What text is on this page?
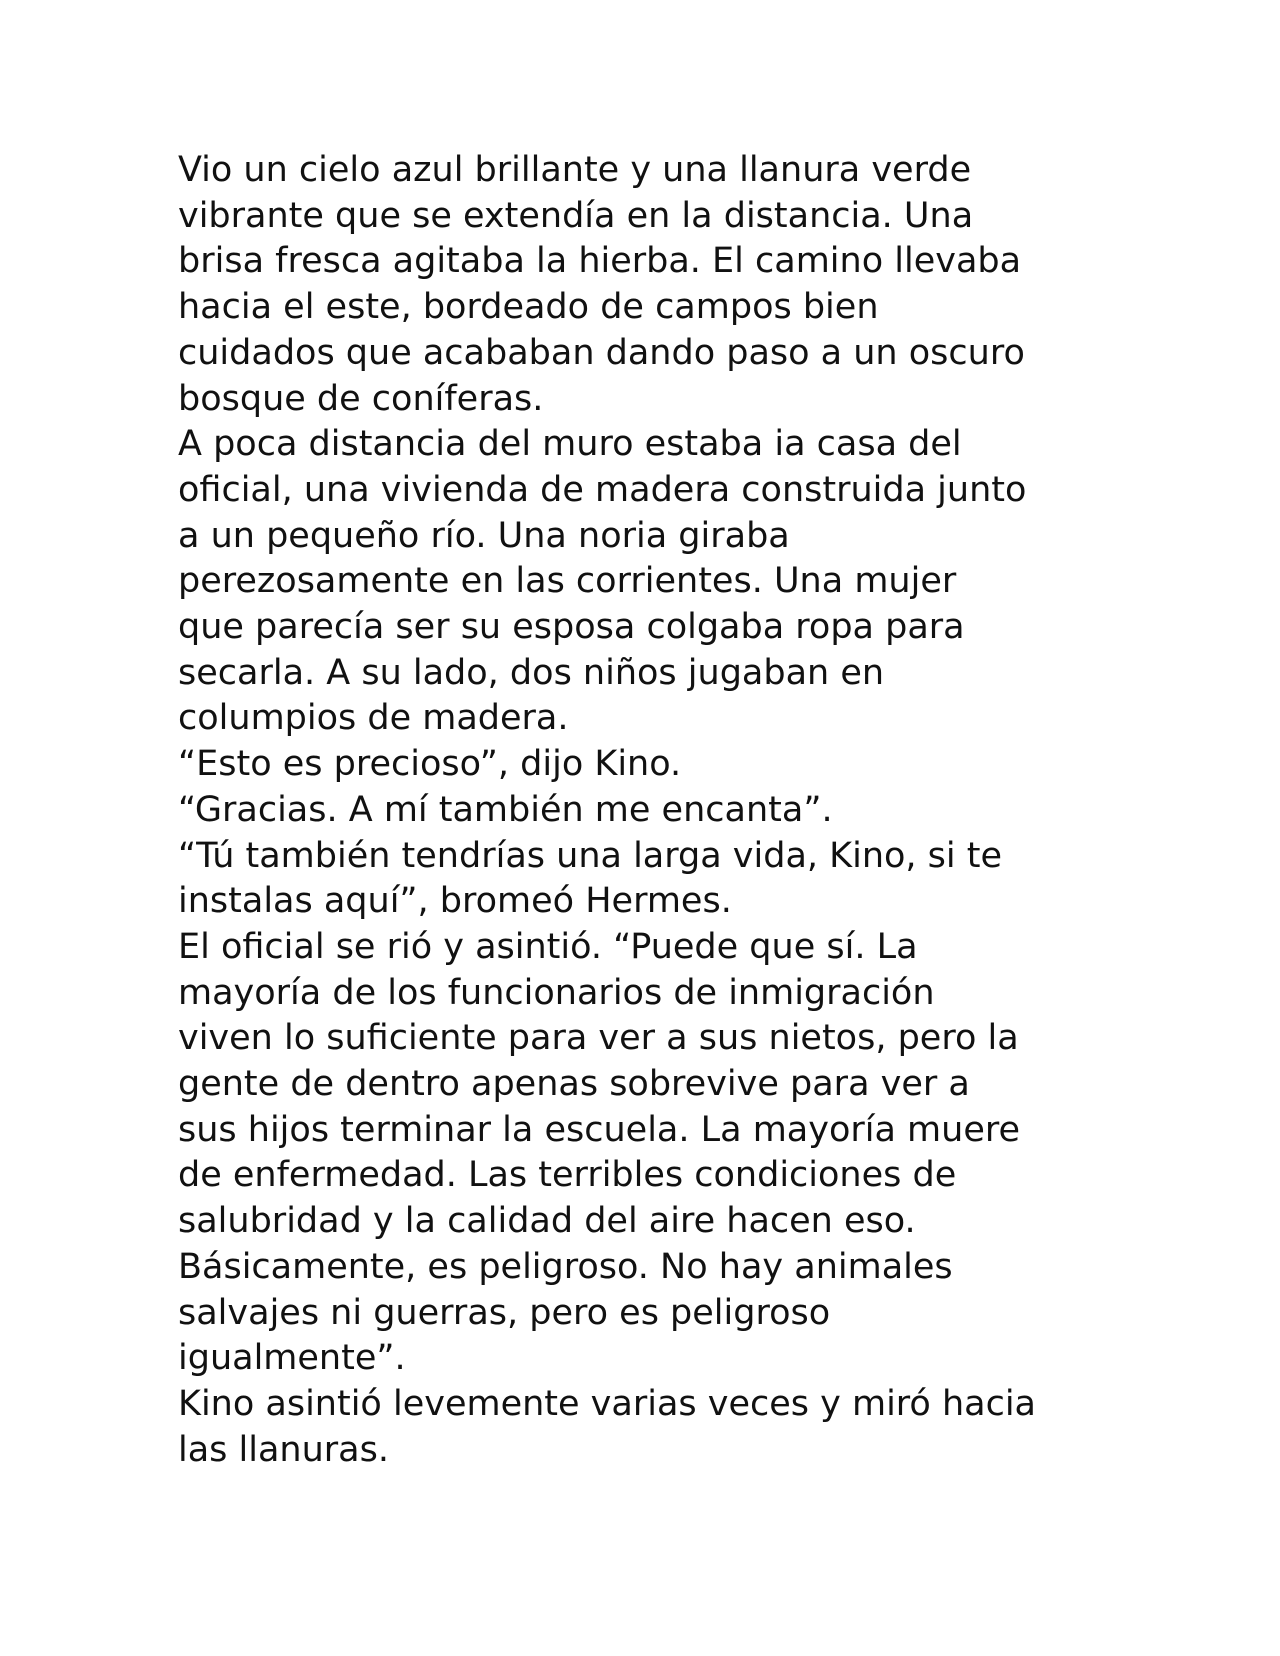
Vio un cielo azul brillante y una llanura verde
vibrante que se extendía en la distancia. Una
brisa fresca agitaba la hierba. El camino llevaba
hacia el este, bordeado de campos bien
cuidados que acababan dando paso a un oscuro
bosque de coníferas.
A poca distancia del muro estaba ia casa del
oficial, una vivienda de madera construida junto
a un pequeño río. Una noria giraba
perezosamente en las corrientes. Una mujer
que parecía ser su esposa colgaba ropa para
secarla. A su lado, dos niños jugaban en
columpios de madera.
“Esto es precioso”, dijo Kino.
“Gracias. A mí también me encanta”.
“Tú también tendrías una larga vida, Kino, si te
instalas aquí”, bromeó Hermes.
El oficial se rió y asintió. “Puede que sí. La
mayoría de los funcionarios de inmigración
viven lo suficiente para ver a sus nietos, pero la
gente de dentro apenas sobrevive para ver a
sus hijos terminar la escuela. La mayoría muere
de enfermedad. Las terribles condiciones de
salubridad y la calidad del aire hacen eso.
Básicamente, es peligroso. No hay animales
salvajes ni guerras, pero es peligroso
igualmente”.
Kino asintió levemente varias veces y miró hacia
las llanuras.
